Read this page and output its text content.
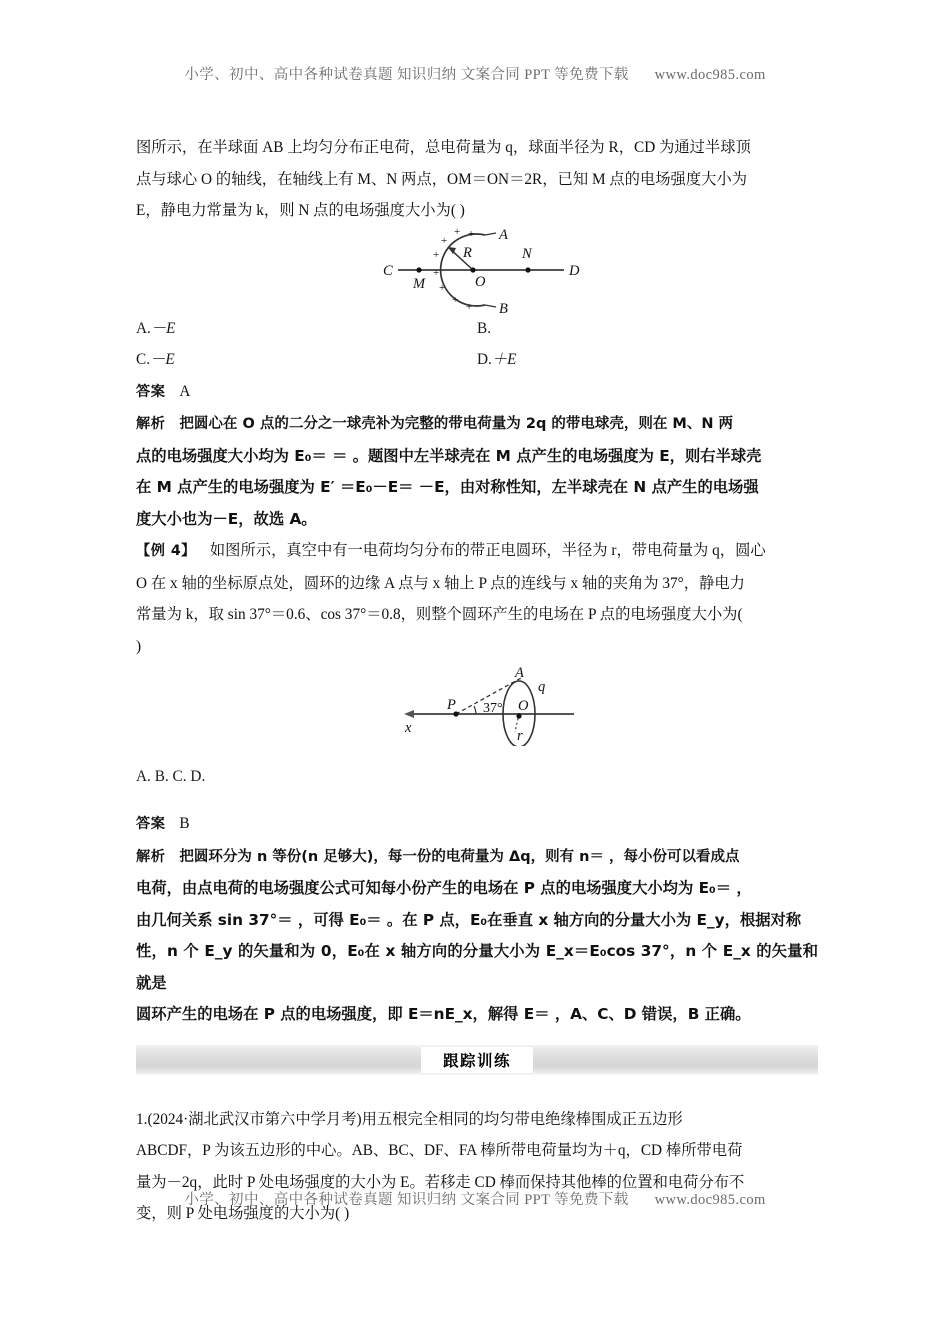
小学、初中、高中各种试卷真题 知识归纳 文案合同 PPT 等免费下载 www.doc985.com

图所示，在半球面 AB 上均匀分布正电荷，总电荷量为 q，球面半径为 R，CD 为通过半球顶

点与球心 O 的轴线，在轴线上有 M、N 两点，OM＝ON＝2R，已知 M 点的电场强度大小为

E，静电力常量为 k，则 N 点的电场强度大小为( )

+
+
+
+
+
+
+
+
C	D
M
N
O
A
B
R
A.－E	B.
C.－E	D.＋E

答案 A

解析 把圆心在 O 点的二分之一球壳补为完整的带电荷量为 2q 的带电球壳，则在 M、N 两

点的电场强度大小均为 E₀＝ ＝ 。题图中左半球壳在 M 点产生的电场强度为 E，则右半球壳

在 M 点产生的电场强度为 E′ ＝E₀－E＝ －E，由对称性知，左半球壳在 N 点产生的电场强

度大小也为－E，故选 A。

【例 4】 如图所示，真空中有一电荷均匀分布的带正电圆环，半径为 r，带电荷量为 q，圆心

O 在 x 轴的坐标原点处，圆环的边缘 A 点与 x 轴上 P 点的连线与 x 轴的夹角为 37°，静电力

常量为 k，取 sin 37°＝0.6、cos 37°＝0.8，则整个圆环产生的电场在 P 点的电场强度大小为(

)

P
A
q
O
r
x
37°

A. B. C. D.

答案 B

解析 把圆环分为 n 等份(n 足够大)，每一份的电荷量为 Δq，则有 n＝ ，每小份可以看成点

电荷，由点电荷的电场强度公式可知每小份产生的电场在 P 点的电场强度大小均为 E₀＝ ，

由几何关系 sin 37°＝ ，可得 E₀＝ 。在 P 点，E₀在垂直 x 轴方向的分量大小为 E_y，根据对称

性，n 个 E_y 的矢量和为 0，E₀在 x 轴方向的分量大小为 E_x＝E₀cos 37°，n 个 E_x 的矢量和就是

圆环产生的电场在 P 点的电场强度，即 E＝nE_x，解得 E＝ ，A、C、D 错误，B 正确。

跟踪训练

1.(2024·湖北武汉市第六中学月考)用五根完全相同的均匀带电绝缘棒围成正五边形

ABCDF，P 为该五边形的中心。AB、BC、DF、FA 棒所带电荷量均为＋q，CD 棒所带电荷

量为－2q，此时 P 处电场强度的大小为 E。若移走 CD 棒而保持其他棒的位置和电荷分布不

变，则 P 处电场强度的大小为( )

小学、初中、高中各种试卷真题 知识归纳 文案合同 PPT 等免费下载 www.doc985.com
